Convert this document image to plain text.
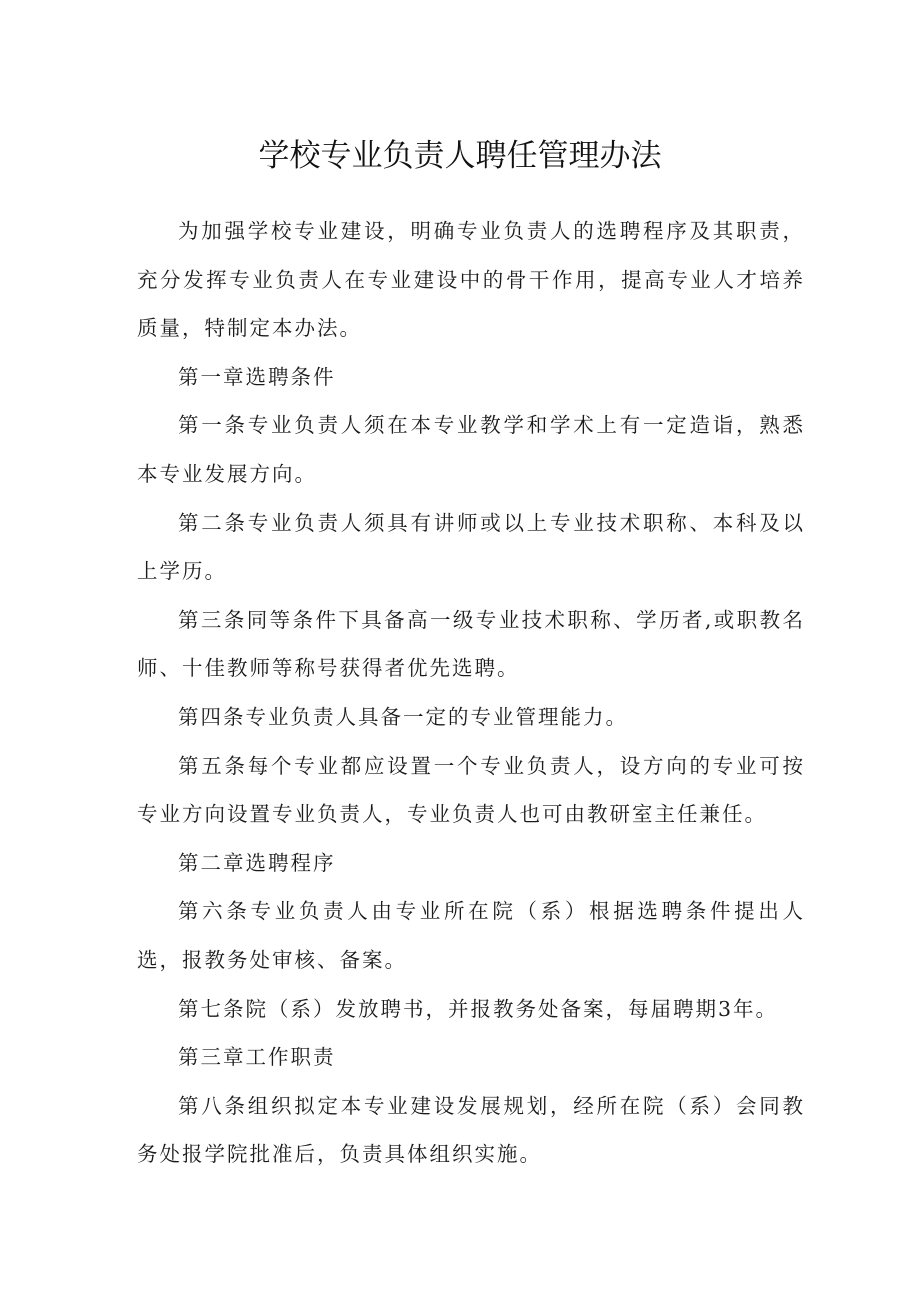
学校专业负责人聘任管理办法

为加强学校专业建设，明确专业负责人的选聘程序及其职责，充分发挥专业负责人在专业建设中的骨干作用，提高专业人才培养质量，特制定本办法。

第一章选聘条件

第一条专业负责人须在本专业教学和学术上有一定造诣，熟悉本专业发展方向。

第二条专业负责人须具有讲师或以上专业技术职称、本科及以上学历。

第三条同等条件下具备高一级专业技术职称、学历者,或职教名师、十佳教师等称号获得者优先选聘。

第四条专业负责人具备一定的专业管理能力。

第五条每个专业都应设置一个专业负责人，设方向的专业可按专业方向设置专业负责人，专业负责人也可由教研室主任兼任。

第二章选聘程序

第六条专业负责人由专业所在院（系）根据选聘条件提出人选，报教务处审核、备案。

第七条院（系）发放聘书，并报教务处备案，每届聘期3年。

第三章工作职责

第八条组织拟定本专业建设发展规划，经所在院（系）会同教务处报学院批准后，负责具体组织实施。
